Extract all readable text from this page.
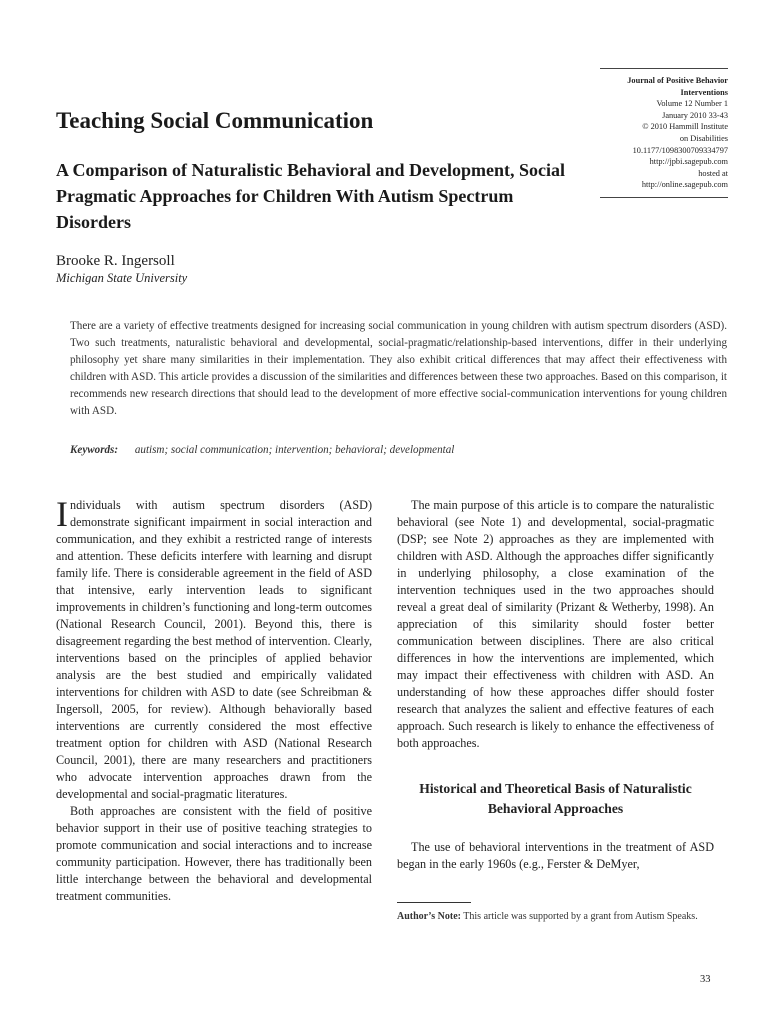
Journal of Positive Behavior
Interventions
Volume 12 Number 1
January 2010 33-43
© 2010 Hammill Institute
on Disabilities
10.1177/1098300709334797
http://jpbi.sagepub.com
hosted at
http://online.sagepub.com
Teaching Social Communication
A Comparison of Naturalistic Behavioral and Development, Social Pragmatic Approaches for Children With Autism Spectrum Disorders
Brooke R. Ingersoll
Michigan State University

There are a variety of effective treatments designed for increasing social communication in young children with autism spectrum disorders (ASD). Two such treatments, naturalistic behavioral and developmental, social-pragmatic/relationship-based interventions, differ in their underlying philosophy yet share many similarities in their implementation. They also exhibit critical differences that may affect their effectiveness with children with ASD. This article provides a discussion of the similarities and differences between these two approaches. Based on this comparison, it recommends new research directions that should lead to the development of more effective social-communication interventions for young children with ASD.

Keywords: autism; social communication; intervention; behavioral; developmental

Individuals with autism spectrum disorders (ASD) demonstrate significant impairment in social interaction and communication, and they exhibit a restricted range of interests and attention. These deficits interfere with learning and disrupt family life. There is considerable agreement in the field of ASD that intensive, early intervention leads to significant improvements in children’s functioning and long-term outcomes (National Research Council, 2001). Beyond this, there is disagreement regarding the best method of intervention. Clearly, interventions based on the principles of applied behavior analysis are the best studied and empirically validated interventions for children with ASD to date (see Schreibman & Ingersoll, 2005, for review). Although behaviorally based interventions are currently considered the most effective treatment option for children with ASD (National Research Council, 2001), there are many researchers and practitioners who advocate intervention approaches drawn from the developmental and social-pragmatic literatures.

Both approaches are consistent with the field of positive behavior support in their use of positive teaching strategies to promote communication and social interactions and to increase community participation. However, there has traditionally been little interchange between the behavioral and developmental treatment communities.

The main purpose of this article is to compare the naturalistic behavioral (see Note 1) and developmental, social-pragmatic (DSP; see Note 2) approaches as they are implemented with children with ASD. Although the approaches differ significantly in underlying philosophy, a close examination of the intervention techniques used in the two approaches should reveal a great deal of similarity (Prizant & Wetherby, 1998). An appreciation of this similarity should foster better communication between disciplines. There are also critical differences in how the interventions are implemented, which may impact their effectiveness with children with ASD. An understanding of how these approaches differ should foster research that analyzes the salient and effective features of each approach. Such research is likely to enhance the effectiveness of both approaches.

Historical and Theoretical Basis of Naturalistic Behavioral Approaches

The use of behavioral interventions in the treatment of ASD began in the early 1960s (e.g., Ferster & DeMyer,

Author’s Note: This article was supported by a grant from Autism Speaks.
33
